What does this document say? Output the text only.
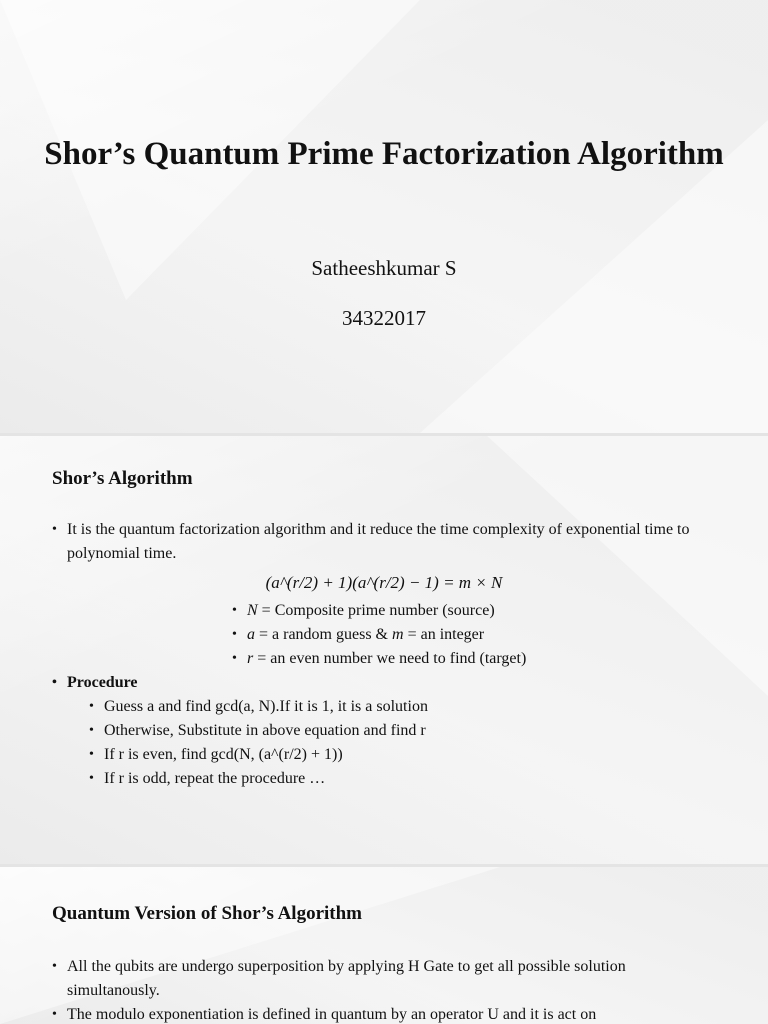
Shor’s Quantum Prime Factorization Algorithm
Satheeshkumar S
34322017
Shor’s Algorithm
• It is the quantum factorization algorithm and it reduce the time complexity of exponential time to polynomial time.
(a^(r/2) + 1)(a^(r/2) − 1) = m × N
• N = Composite prime number (source)
• a = a random guess & m = an integer
• r = an even number we need to find (target)
• Procedure
• Guess a and find gcd(a, N).If it is 1, it is a solution
• Otherwise, Substitute in above equation and find r
• If r is even, find gcd(N, (a^(r/2) + 1))
• If r is odd, repeat the procedure …
Quantum Version of Shor’s Algorithm
• All the qubits are undergo superposition by applying H Gate to get all possible solution simultanously.
• The modulo exponentiation is defined in quantum by an operator U and it is act on
